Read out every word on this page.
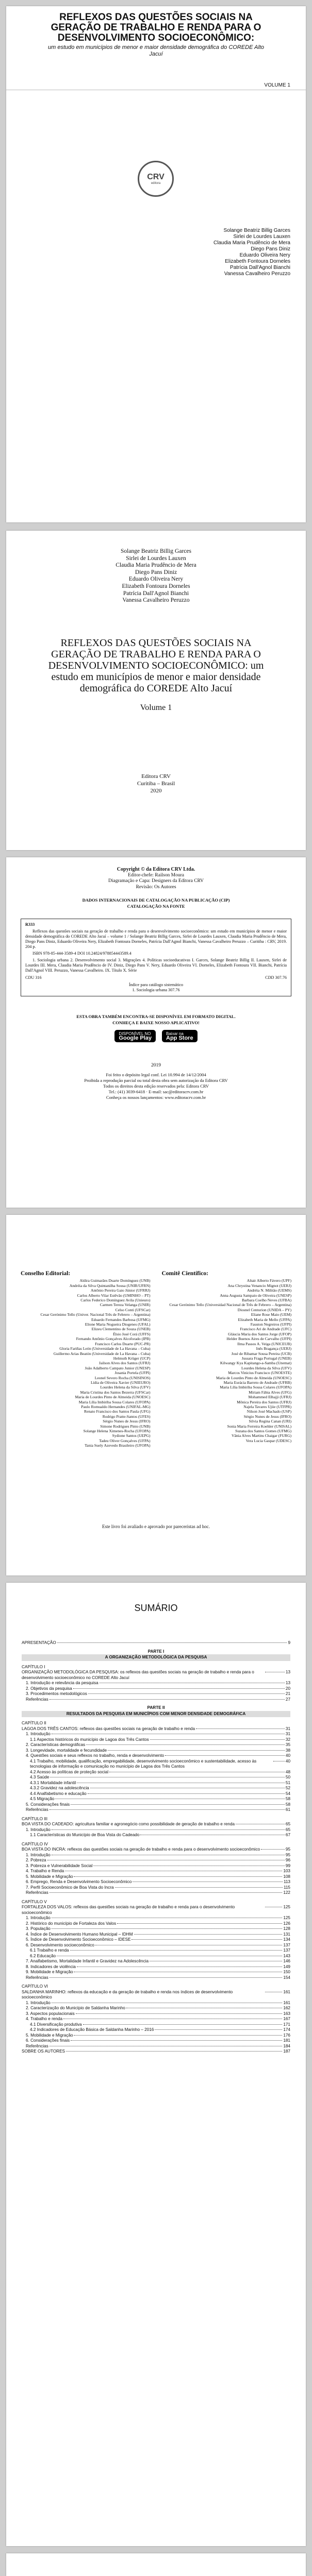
REFLEXOS DAS QUESTÕES SOCIAIS NA GERAÇÃO DE TRABALHO E RENDA PARA O DESENVOLVIMENTO SOCIOECONÔMICO:
um estudo em municípios de menor e maior densidade demográfica do COREDE Alto Jacuí
VOLUME 1
CRV
editora
Solange Beatriz Billig Garces
Sirlei de Lourdes Lauxen
Claudia Maria Prudêncio de Mera
Diego Pans Diniz
Eduardo Oliveira Nery
Elizabeth Fontoura Dorneles
Patrícia Dall'Agnol Bianchi
Vanessa Cavalheiro Peruzzo
Solange Beatriz Billig Garces
Sirlei de Lourdes Lauxen
Claudia Maria Prudêncio de Mera
Diego Pans Diniz
Eduardo Oliveira Nery
Elizabeth Fontoura Dorneles
Patrícia Dall'Agnol Bianchi
Vanessa Cavalheiro Peruzzo
REFLEXOS DAS QUESTÕES SOCIAIS NA GERAÇÃO DE TRABALHO E RENDA PARA O DESENVOLVIMENTO SOCIOECONÔMICO: um estudo em municípios de menor e maior densidade demográfica do COREDE Alto Jacuí
Volume 1
Editora CRV
Curitiba – Brasil
2020
Copyright © da Editora CRV Ltda.
Editor-chefe: Railson Moura
Diagramação e Capa: Designers da Editora CRV
Revisão: Os Autores
DADOS INTERNACIONAIS DE CATALOGAÇÃO NA PUBLICAÇÃO (CIP)
CATALOGAÇÃO NA FONTE
R333
Reflexos das questões sociais na geração de trabalho e renda para o desenvolvimento socioeconômico: um estudo em municípios de menor e maior densidade demográfica do COREDE Alto Jacuí – volume 1 / Solange Beatriz Billig Garces, Sirlei de Lourdes Lauxen, Claudia Maria Prudêncio de Mera, Diego Pans Diniz, Eduardo Oliveira Nery, Elizabeth Fontoura Dorneles, Patrícia Dall'Agnol Bianchi, Vanessa Cavalheiro Peruzzo – Curitiba : CRV, 2019. 204 p.
ISBN 978-85-444-3589-4 DOI 10.24824/978854443589.4
1. Sociologia urbana 2. Desenvolvimento social 3. Migrações 4. Políticas socioeducativas I. Garces, Solange Beatriz Billig II. Lauxen, Sirlei de Lourdes III. Mera, Claudia Maria Prudêncio de IV. Diniz, Diego Pans V. Nery, Eduardo Oliveira VI. Dorneles, Elizabeth Fontoura VII. Bianchi, Patrícia Dall'Agnol VIII. Peruzzo, Vanessa Cavalheiro. IX. Título X. Série
CDU 316	CDD 307.76
Índice para catálogo sistemático
1. Sociologia urbana 307.76
ESTA OBRA TAMBÉM ENCONTRA-SE DISPONÍVEL EM FORMATO DIGITAL.
CONHEÇA E BAIXE NOSSO APLICATIVO!
DISPONÍVEL NO
Google Play
Baixar na
App Store
2019
Foi feito o depósito legal conf. Lei 10.994 de 14/12/2004
Proibida a reprodução parcial ou total desta obra sem autorização da Editora CRV
Todos os direitos desta edição reservados pela: Editora CRV
Tel.: (41) 3039-6418 · E-mail: sac@editoracrv.com.br
Conheça os nossos lançamentos: www.editoracrv.com.br
Conselho Editorial:
Aldira Guimarães Duarte Domínguez (UNB)
Andréia da Silva Quintanilha Sousa (UNIR/UFRN)
Antônio Pereira Gaio Júnior (UFRRJ)
Carlos Alberto Vilar Estêvão (UMINHO – PT)
Carlos Federico Domínguez Avila (Unieuro)
Carmen Tereza Velanga (UNIR)
Celso Conti (UFSCar)
Cesar Gerónimo Tello (Univer. Nacional Três de Febrero – Argentina)
Eduardo Fernandes Barbosa (UFMG)
Elione Maria Nogueira Diogenes (UFAL)
Elizeu Clementino de Souza (UNEB)
Élsio José Corá (UFFS)
Fernando Antônio Gonçalves Alcoforado (IPB)
Francisco Carlos Duarte (PUC-PR)
Gloria Fariñas León (Universidade de La Havana – Cuba)
Guillermo Arias Beatón (Universidade de La Havana – Cuba)
Helmuth Krüger (UCP)
Jailson Alves dos Santos (UFRJ)
João Adalberto Campato Junior (UNESP)
Josania Portela (UFPI)
Leonel Severo Rocha (UNISINOS)
Lídia de Oliveira Xavier (UNIEURO)
Lourdes Helena da Silva (UFV)
Maria Cristina dos Santos Bezerra (UFSCar)
Maria de Lourdes Pinto de Almeida (UNOESC)
Maria Lília Imbiriba Sousa Colares (UFOPA)
Paulo Romualdo Hernandes (UNIFAL-MG)
Renato Francisco dos Santos Paula (UFG)
Rodrigo Pratte-Santos (UFES)
Sérgio Nunes de Jesus (IFRO)
Simone Rodrigues Pinto (UNB)
Solange Helena Ximenes-Rocha (UFOPA)
Sydione Santos (UEPG)
Tadeu Oliver Gonçalves (UFPA)
Tania Suely Azevedo Brasileiro (UFOPA)
Comitê Científico:
Altair Alberto Fávero (UPF)
Ana Chrystina Venancio Mignot (UERJ)
Andréia N. Militão (UEMS)
Anna Augusta Sampaio de Oliveira (UNESP)
Barbara Coelho Neves (UFBA)
Cesar Gerónimo Tello (Universidad Nacional de Três de Febrero – Argentina)
Diosnel Centurion (UNIDA – PY)
Eliane Rose Maio (UEM)
Elizabeth Maria de Mello (UFPA)
Fauston Negreiros (UFPI)
Francisco Ari de Andrade (UFC)
Gláucia Maria dos Santos Jorge (UFOP)
Helder Buenos Aires de Carvalho (UFPI)
Ilma Passos A. Veiga (UNICEUB)
Inês Bragança (UERJ)
José de Ribamar Sousa Pereira (UCB)
Jussara Fraga Portugal (UNEB)
Kilwangy Kya Kapitango-a-Samba (Unemat)
Lourdes Helena da Silva (UFV)
Marcos Vinicius Francisco (UNOESTE)
Maria de Lourdes Pinto de Almeida (UNOESC)
Maria Eurácia Barreto de Andrade (UFRB)
Maria Lília Imbiriba Sousa Colares (UFOPA)
Míriam Fábia Alves (UFG)
Mohammed Elhajji (UFRJ)
Mônica Pereira dos Santos (UFRJ)
Najela Tavares Ujiie (UTFPR)
Nilson José Machado (USP)
Sérgio Nunes de Jesus (IFRO)
Silvia Regina Canan (URI)
Sonia Maria Ferreira Koehler (UNISAL)
Suzana dos Santos Gomes (UFMG)
Vânia Alves Martins Chaigar (FURG)
Vera Lucia Gaspar (UDESC)
Este livro foi avaliado e aprovado por pareceristas ad hoc.
SUMÁRIO
APRESENTAÇÃO	9
PARTE I
A ORGANIZAÇÃO METODOLÓGICA DA PESQUISA
CAPÍTULO I
ORGANIZAÇÃO METODOLÓGICA DA PESQUISA: os reflexos das questões sociais na geração de trabalho e renda para o desenvolvimento socioeconômico no COREDE Alto Jacuí
13
1. Introdução e relevância da pesquisa	13
2. Objetivos da pesquisa	20
3. Procedimentos metodológicos	21
Referências	27
PARTE II
RESULTADOS DA PESQUISA EM MUNICÍPIOS COM MENOR DENSIDADE DEMOGRÁFICA
CAPÍTULO II
LAGOA DOS TRÊS CANTOS: reflexos das questões sociais na geração de trabalho e renda	31
1. Introdução	31
1.1 Aspectos históricos do município de Lagoa dos Três Cantos	32
2. Características demográficas	35
3. Longevidade, mortalidade e fecundidade	38
4. Questões sociais e seus reflexos no trabalho, renda e desenvolvimento	40
4.1 Trabalho, mobilidade, qualificação, empregabilidade, desenvolvimento socioeconômico e sustentabilidade, acesso às tecnologias de informação e comunicação no município de Lagoa dos Três Cantos
40
4.2 Acesso às políticas de proteção social	48
4.3 Saúde	50
4.3.1 Mortalidade infantil	51
4.3.2 Gravidez na adolescência	52
4.4 Analfabetismo e educação	54
4.5 Migração	58
5. Considerações finais	58
Referências	61
CAPÍTULO III
BOA VISTA DO CADEADO: agricultura familiar e agronegócio como possibilidade de geração de trabalho e renda	65
1. Introdução	65
1.1 Características do Município de Boa Vista do Cadeado	67
CAPÍTULO IV
BOA VISTA DO INCRA: reflexos das questões sociais na geração de trabalho e renda para o desenvolvimento socioeconômico	95
1. Introdução	95
2. Pobreza	96
3. Pobreza e Vulnerabilidade Social	99
4. Trabalho e Renda	103
5. Mobilidade e Migração	108
6. Emprego, Renda e Desenvolvimento Socioeconômico	113
7. Perfil Socioeconômico de Boa Vista do Incra	115
Referências	122
CAPÍTULO V
FORTALEZA DOS VALOS: reflexos das questões sociais na geração de trabalho e renda para o desenvolvimento socioeconômico
125
1. Introdução	125
2. Histórico do município de Fortaleza dos Valos	126
3. População	128
4. Índice de Desenvolvimento Humano Municipal – IDHM	131
5. Índice de Desenvolvimento Socioeconômico – IDESE	134
6. Desenvolvimento socioeconômico	137
6.1 Trabalho e renda	137
6.2 Educação	143
7. Analfabetismo, Mortalidade Infantil e Gravidez na Adolescência	146
8. Indicadores de violência	149
9. Mobilidade e Migração	150
Referências	154
CAPÍTULO VI
SALDANHA MARINHO: reflexos da educação e da geração de trabalho e renda nos índices de desenvolvimento socioeconômico
161
1. Introdução	161
2. Caracterização do Município de Saldanha Marinho	162
3. Aspectos populacionais	163
4. Trabalho e renda	167
4.1 Diversificação produtiva	171
4.2 Indicadores de Educação Básica de Saldanha Marinho – 2016	174
5. Mobilidade e Migração	176
6. Considerações finais	181
Referências	184
SOBRE OS AUTORES	187
